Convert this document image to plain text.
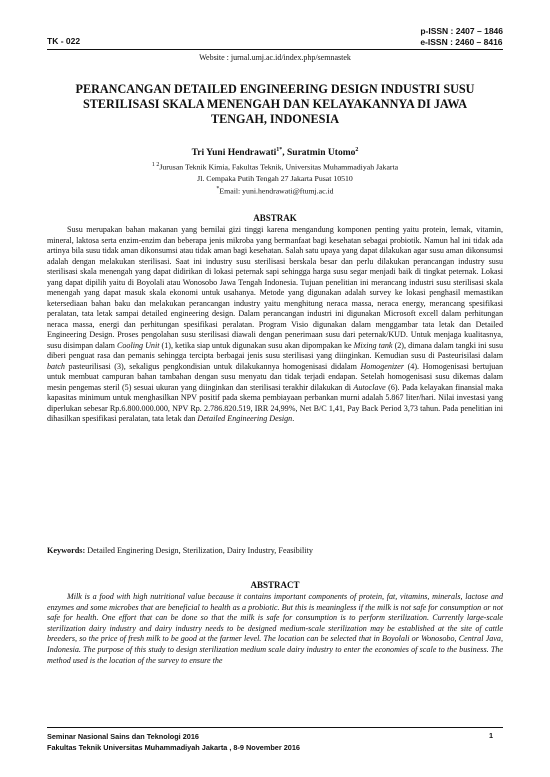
TK - 022
p-ISSN : 2407 – 1846
e-ISSN : 2460 – 8416
Website : jurnal.umj.ac.id/index.php/semnastek
PERANCANGAN DETAILED ENGINEERING DESIGN INDUSTRI SUSU STERILISASI SKALA MENENGAH DAN KELAYAKANNYA DI JAWA TENGAH, INDONESIA
Tri Yuni Hendrawati$^{1*}$, Suratmin Utomo$^2$
$^{1 2}$Jurusan Teknik Kimia, Fakultas Teknik, Universitas Muhammadiyah Jakarta
Jl. Cempaka Putih Tengah 27 Jakarta Pusat 10510
*Email: yuni.hendrawati@ftumj.ac.id
ABSTRAK
Susu merupakan bahan makanan yang bernilai gizi tinggi karena mengandung komponen penting yaitu protein, lemak, vitamin, mineral, laktosa serta enzim-enzim dan beberapa jenis mikroba yang bermanfaat bagi kesehatan sebagai probiotik. Namun hal ini tidak ada artinya bila susu tidak aman dikonsumsi atau tidak aman bagi kesehatan. Salah satu upaya yang dapat dilakukan agar susu aman dikonsumsi adalah dengan melakukan sterilisasi. Saat ini industry susu sterilisasi berskala besar dan perlu dilakukan perancangan industry susu sterilisasi skala menengah yang dapat didirikan di lokasi peternak sapi sehingga harga susu segar menjadi baik di tingkat peternak. Lokasi yang dapat dipilih yaitu di Boyolali atau Wonosobo Jawa Tengah Indonesia. Tujuan penelitian ini merancang industri susu sterilisasi skala menengah yang dapat masuk skala ekonomi untuk usahanya. Metode yang digunakan adalah survey ke lokasi penghasil memastikan ketersediaan bahan baku dan melakukan perancangan industry yaitu menghitung neraca massa, neraca energy, merancang spesifikasi peralatan, tata letak sampai detailed engineering design. Dalam perancangan industri ini digunakan Microsoft excell dalam perhitungan neraca massa, energi dan perhitungan spesifikasi peralatan. Program Visio digunakan dalam menggambar tata letak dan Detailed Engineering Design. Proses pengolahan susu sterilisasi diawali dengan penerimaan susu dari peternak/KUD. Untuk menjaga kualitasnya, susu disimpan dalam Cooling Unit (1), ketika siap untuk digunakan susu akan dipompakan ke Mixing tank (2), dimana dalam tangki ini susu diberi penguat rasa dan pemanis sehingga tercipta berbagai jenis susu sterilisasi yang diinginkan. Kemudian susu di Pasteurisilasi dalam batch pasteurilisasi (3), sekaligus pengkondisian untuk dilakukannya homogenisasi didalam Homogenizer (4). Homogenisasi bertujuan untuk membuat campuran bahan tambahan dengan susu menyatu dan tidak terjadi endapan. Setelah homogenisasi susu dikemas dalam mesin pengemas steril (5) sesuai ukuran yang diinginkan dan sterilisasi terakhir dilakukan di Autoclave (6). Pada kelayakan finansial maka kapasitas minimum untuk menghasilkan NPV positif pada skema pembiayaan perbankan murni adalah 5.867 liter/hari. Nilai investasi yang diperlukan sebesar Rp.6.800.000.000, NPV Rp. 2.786.820.519, IRR 24,99%, Net B/C 1,41, Pay Back Period 3,73 tahun. Pada penelitian ini dihasilkan spesifikasi peralatan, tata letak dan Detailed Engineering Design.
Keywords: Detailed Enginering Design, Sterilization, Dairy Industry, Feasibility
ABSTRACT
Milk is a food with high nutritional value because it contains important components of protein, fat, vitamins, minerals, lactose and enzymes and some microbes that are beneficial to health as a probiotic. But this is meaningless if the milk is not safe for consumption or not safe for health. One effort that can be done so that the milk is safe for consumption is to perform sterilization. Currently large-scale sterilization dairy industry and dairy industry needs to be designed medium-scale sterilization may be established at the site of cattle breeders, so the price of fresh milk to be good at the farmer level. The location can be selected that in Boyolali or Wonosobo, Central Java, Indonesia. The purpose of this study to design sterilization medium scale dairy industry to enter the economies of scale to the business. The method used is the location of the survey to ensure the
Seminar Nasional Sains dan Teknologi 2016
Fakultas Teknik Universitas Muhammadiyah Jakarta , 8-9 November 2016
1
